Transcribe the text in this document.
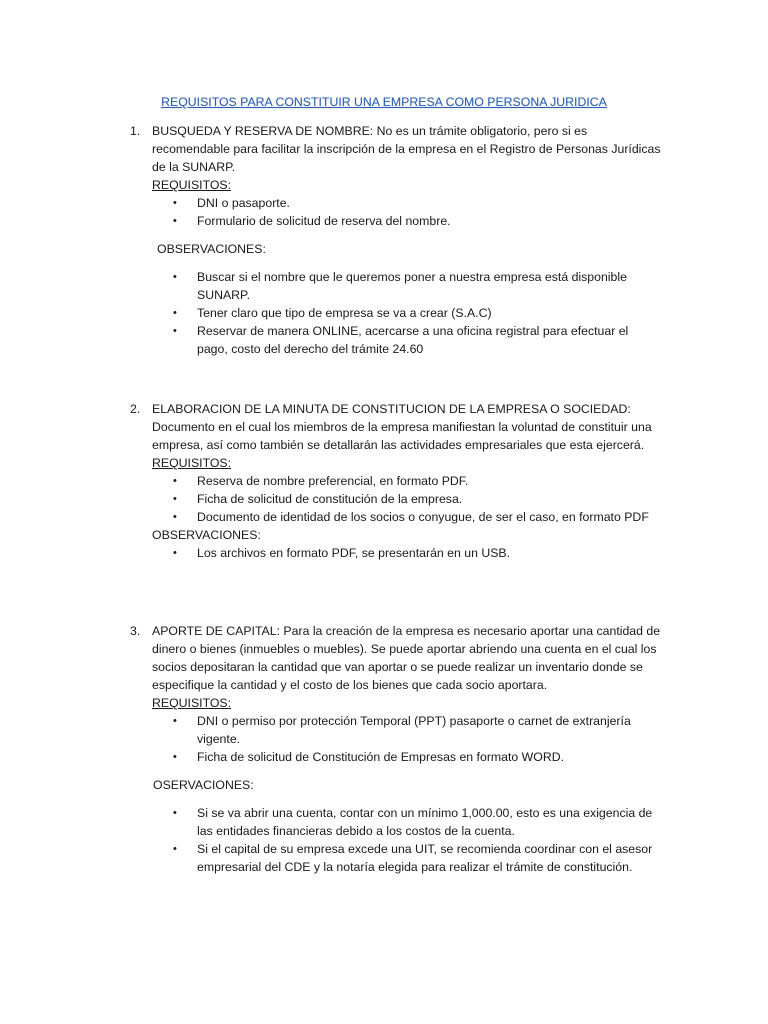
REQUISITOS PARA CONSTITUIR UNA EMPRESA COMO PERSONA JURIDICA
1. BUSQUEDA Y RESERVA DE NOMBRE: No es un trámite obligatorio, pero si es recomendable para facilitar la inscripción de la empresa en el Registro de Personas Jurídicas de la SUNARP.

REQUISITOS:

• DNI o pasaporte.
• Formulario de solicitud de reserva del nombre.

OBSERVACIONES:

• Buscar si el nombre que le queremos poner a nuestra empresa está disponible SUNARP.
• Tener claro que tipo de empresa se va a crear (S.A.C)
• Reservar de manera ONLINE, acercarse a una oficina registral para efectuar el pago, costo del derecho del trámite 24.60
2. ELABORACION DE LA MINUTA DE CONSTITUCION DE LA EMPRESA O SOCIEDAD: Documento en el cual los miembros de la empresa manifiestan la voluntad de constituir una empresa, así como también se detallarán las actividades empresariales que esta ejercerá.

REQUISITOS:

• Reserva de nombre preferencial, en formato PDF.
• Ficha de solicitud de constitución de la empresa.
• Documento de identidad de los socios o conyugue, de ser el caso, en formato PDF

OBSERVACIONES:

• Los archivos en formato PDF, se presentarán en un USB.
3. APORTE DE CAPITAL: Para la creación de la empresa es necesario aportar una cantidad de dinero o bienes (inmuebles o muebles). Se puede aportar abriendo una cuenta en el cual los socios depositaran la cantidad que van aportar o se puede realizar un inventario donde se especifique la cantidad y el costo de los bienes que cada socio aportara.

REQUISITOS:

• DNI o permiso por protección Temporal (PPT) pasaporte o carnet de extranjería vigente.
• Ficha de solicitud de Constitución de Empresas en formato WORD.

OSERVACIONES:

• Si se va abrir una cuenta, contar con un mínimo 1,000.00, esto es una exigencia de las entidades financieras debido a los costos de la cuenta.
• Si el capital de su empresa excede una UIT, se recomienda coordinar con el asesor empresarial del CDE y la notaría elegida para realizar el trámite de constitución.
